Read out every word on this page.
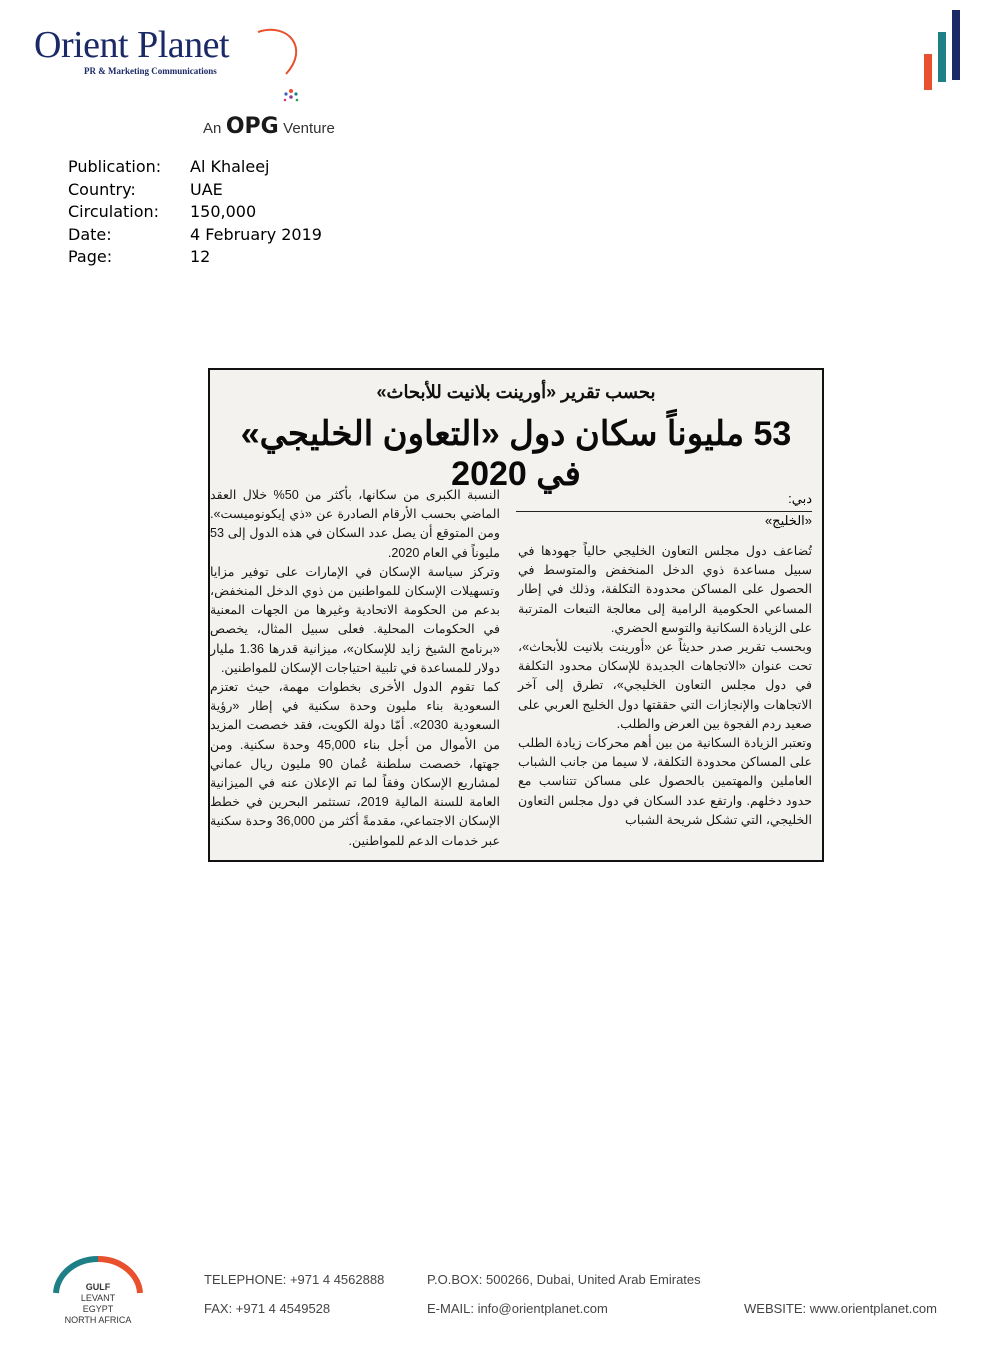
Orient Planet
PR & Marketing Communications
An OPG Venture
Publication:	Al Khaleej
Country:	UAE
Circulation:	150,000
Date:	4 February 2019
Page:	12
بحسب تقرير «أورينت بلانيت للأبحاث»
53 مليوناً سكان دول «التعاون الخليجي» في 2020
دبي:
«الخليج»

تُضاعف دول مجلس التعاون الخليجي حالياً جهودها في سبيل مساعدة ذوي الدخل المنخفض والمتوسط في الحصول على المساكن محدودة التكلفة، وذلك في إطار المساعي الحكومية الرامية إلى معالجة التبعات المترتبة على الزيادة السكانية والتوسع الحضري.

وبحسب تقرير صدر حديثاً عن «أورينت بلانيت للأبحاث»، تحت عنوان «الاتجاهات الجديدة للإسكان محدود التكلفة في دول مجلس التعاون الخليجي»، تطرق إلى آخر الاتجاهات والإنجازات التي حققتها دول الخليج العربي على صعيد ردم الفجوة بين العرض والطلب.

وتعتبر الزيادة السكانية من بين أهم محركات زيادة الطلب على المساكن محدودة التكلفة، لا سيما من جانب الشباب العاملين والمهتمين بالحصول على مساكن تتناسب مع حدود دخلهم. وارتفع عدد السكان في دول مجلس التعاون الخليجي، التي تشكل شريحة الشباب

النسبة الكبرى من سكانها، بأكثر من 50% خلال العقد الماضي بحسب الأرقام الصادرة عن «ذي إيكونوميست». ومن المتوقع أن يصل عدد السكان في هذه الدول إلى 53 مليوناً في العام 2020.

وتركز سياسة الإسكان في الإمارات على توفير مزايا وتسهيلات الإسكان للمواطنين من ذوي الدخل المنخفض، بدعم من الحكومة الاتحادية وغيرها من الجهات المعنية في الحكومات المحلية. فعلى سبيل المثال، يخصص «برنامج الشيخ زايد للإسكان»، ميزانية قدرها 1.36 مليار دولار للمساعدة في تلبية احتياجات الإسكان للمواطنين.

كما تقوم الدول الأخرى بخطوات مهمة، حيث تعتزم السعودية بناء مليون وحدة سكنية في إطار «رؤية السعودية 2030». أمّا دولة الكويت، فقد خصصت المزيد من الأموال من أجل بناء 45,000 وحدة سكنية. ومن جهتها، خصصت سلطنة عُمان 90 مليون ريال عماني لمشاريع الإسكان وفقاً لما تم الإعلان عنه في الميزانية العامة للسنة المالية 2019، تستثمر البحرين في خطط الإسكان الاجتماعي، مقدمةً أكثر من 36,000 وحدة سكنية عبر خدمات الدعم للمواطنين.

GULF
LEVANT
EGYPT
NORTH AFRICA
TELEPHONE: +971 4 4562888
FAX: +971 4 4549528
P.O.BOX: 500266, Dubai, United Arab Emirates
E-MAIL: info@orientplanet.com	WEBSITE: www.orientplanet.com
